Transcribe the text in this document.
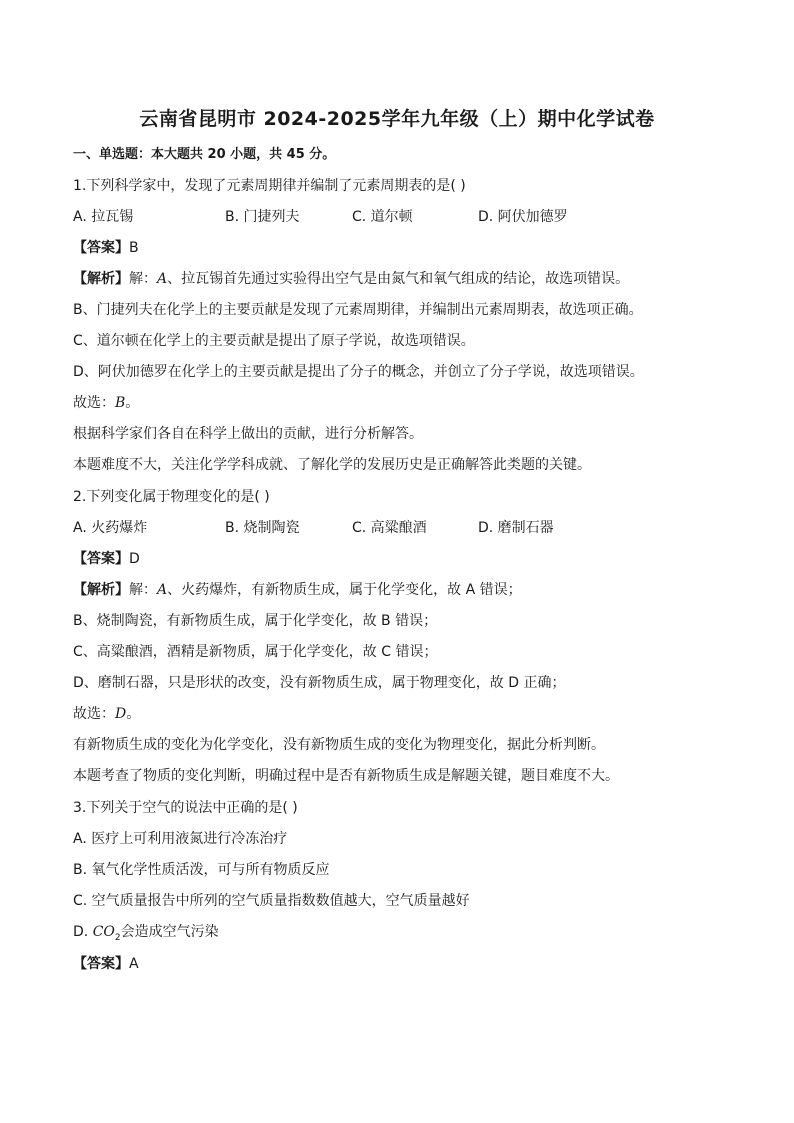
云南省昆明市 2024-2025学年九年级（上）期中化学试卷
一、单选题：本大题共 20 小题，共 45 分。
1.下列科学家中，发现了元素周期律并编制了元素周期表的是( )
A. 拉瓦锡	B. 门捷列夫	C. 道尔顿	D. 阿伏加德罗
【答案】B
【解析】解：A、拉瓦锡首先通过实验得出空气是由氮气和氧气组成的结论，故选项错误。
B、门捷列夫在化学上的主要贡献是发现了元素周期律，并编制出元素周期表，故选项正确。
C、道尔顿在化学上的主要贡献是提出了原子学说，故选项错误。
D、阿伏加德罗在化学上的主要贡献是提出了分子的概念，并创立了分子学说，故选项错误。
故选：B。
根据科学家们各自在科学上做出的贡献，进行分析解答。
本题难度不大，关注化学学科成就、了解化学的发展历史是正确解答此类题的关键。
2.下列变化属于物理变化的是( )
A. 火药爆炸	B. 烧制陶瓷	C. 高粱酿酒	D. 磨制石器
【答案】D
【解析】解：A、火药爆炸，有新物质生成，属于化学变化，故 A 错误；
B、烧制陶瓷，有新物质生成，属于化学变化，故 B 错误；
C、高粱酿酒，酒精是新物质，属于化学变化，故 C 错误；
D、磨制石器，只是形状的改变，没有新物质生成，属于物理变化，故 D 正确；
故选：D。
有新物质生成的变化为化学变化，没有新物质生成的变化为物理变化，据此分析判断。
本题考查了物质的变化判断，明确过程中是否有新物质生成是解题关键，题目难度不大。
3.下列关于空气的说法中正确的是( )
A. 医疗上可利用液氮进行冷冻治疗
B. 氧气化学性质活泼，可与所有物质反应
C. 空气质量报告中所列的空气质量指数数值越大，空气质量越好
D. $CO_2$会造成空气污染
【答案】A
